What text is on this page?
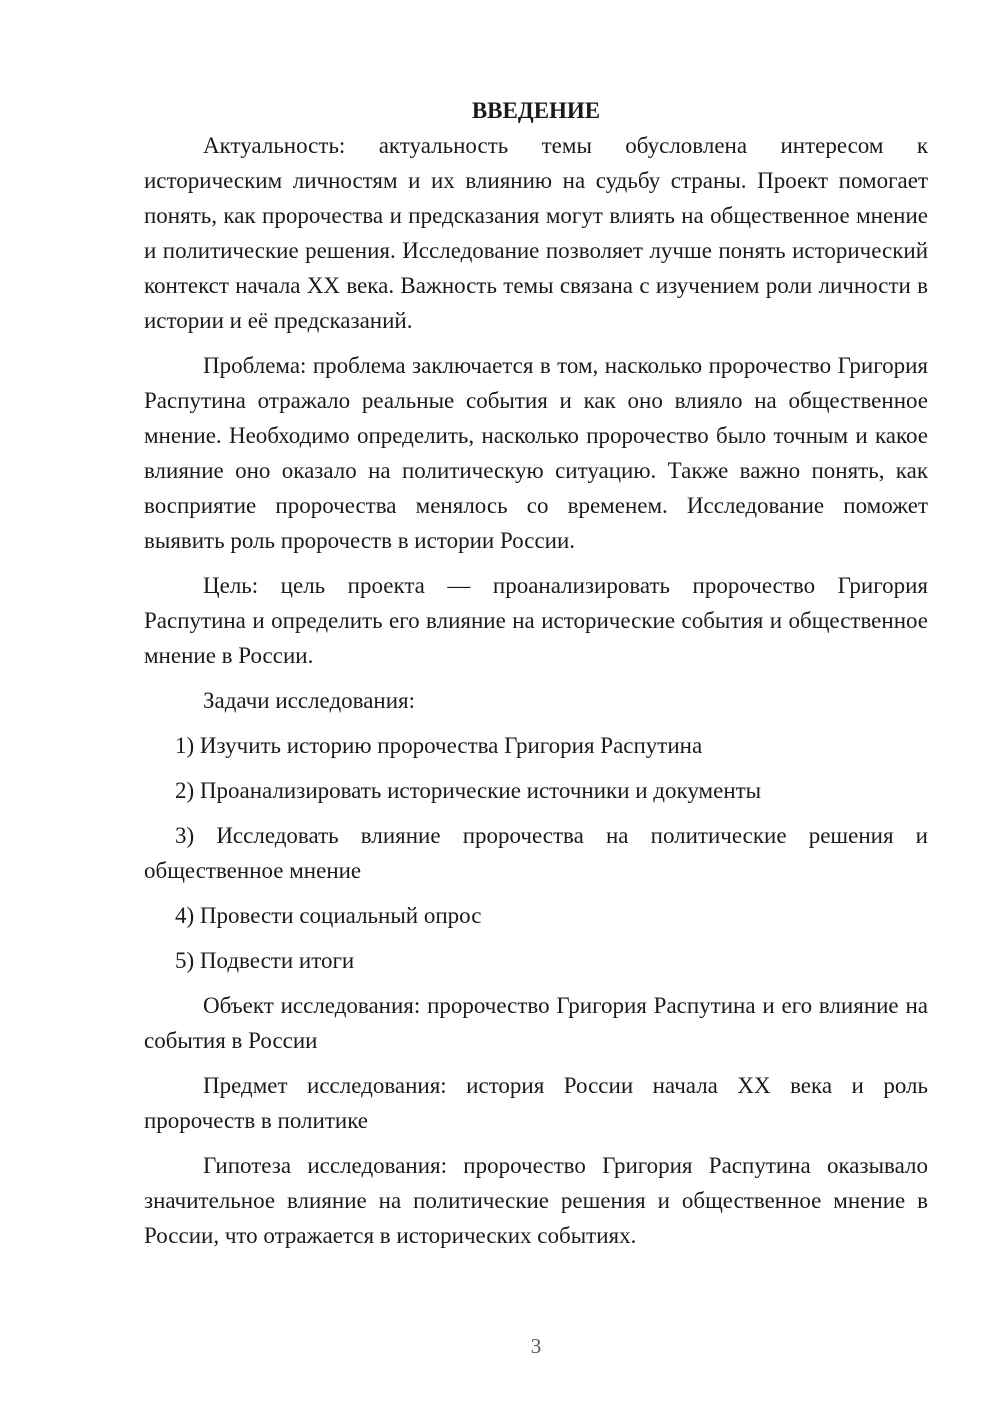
ВВЕДЕНИЕ

Актуальность: актуальность темы обусловлена интересом к историческим личностям и их влиянию на судьбу страны. Проект помогает понять, как пророчества и предсказания могут влиять на общественное мнение и политические решения. Исследование позволяет лучше понять исторический контекст начала XX века. Важность темы связана с изучением роли личности в истории и её предсказаний.

Проблема: проблема заключается в том, насколько пророчество Григория Распутина отражало реальные события и как оно влияло на общественное мнение. Необходимо определить, насколько пророчество было точным и какое влияние оно оказало на политическую ситуацию. Также важно понять, как восприятие пророчества менялось со временем. Исследование поможет выявить роль пророчеств в истории России.

Цель: цель проекта — проанализировать пророчество Григория Распутина и определить его влияние на исторические события и общественное мнение в России.

Задачи исследования:

1) Изучить историю пророчества Григория Распутина

2) Проанализировать исторические источники и документы

3) Исследовать влияние пророчества на политические решения и общественное мнение

4) Провести социальный опрос

5) Подвести итоги

Объект исследования: пророчество Григория Распутина и его влияние на события в России

Предмет исследования: история России начала XX века и роль пророчеств в политике

Гипотеза исследования: пророчество Григория Распутина оказывало значительное влияние на политические решения и общественное мнение в России, что отражается в исторических событиях.

3
